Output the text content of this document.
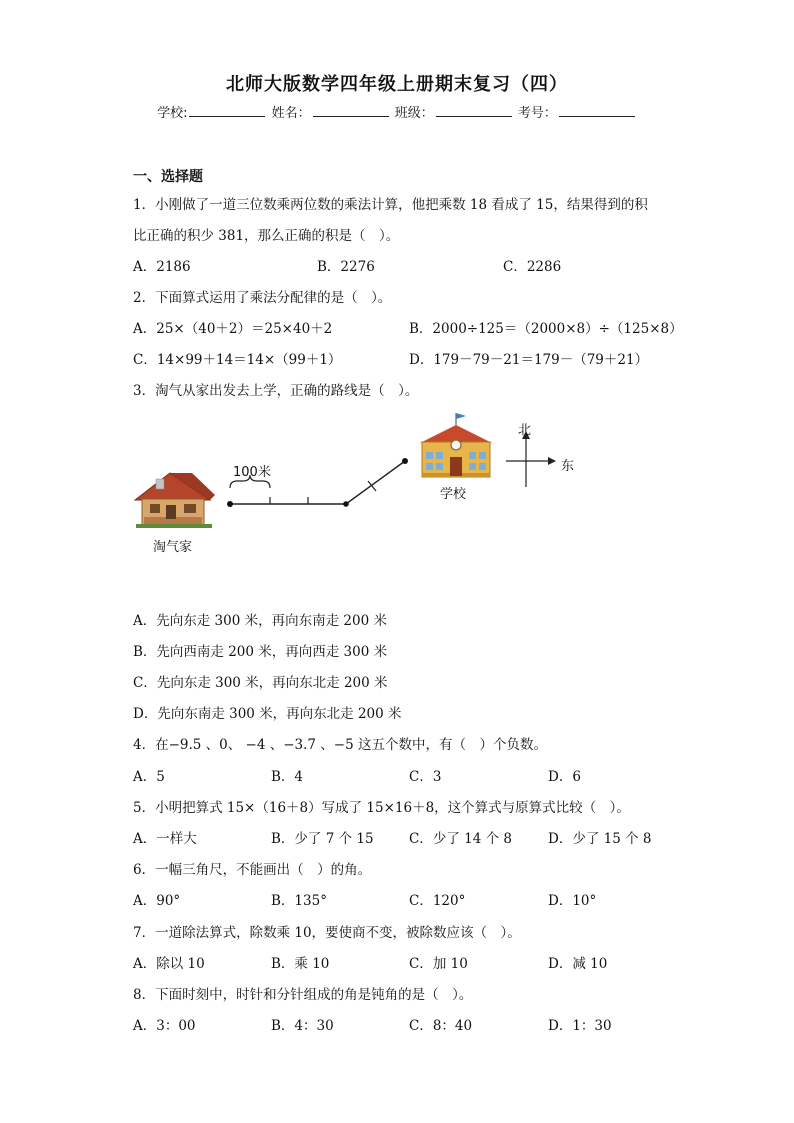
北师大版数学四年级上册期末复习（四）
学校:	姓名：	班级：	考号：
一、选择题
1．小刚做了一道三位数乘两位数的乘法计算，他把乘数 18 看成了 15，结果得到的积
比正确的积少 381，那么正确的积是（　）。
A．2186	B．2276	C．2286
2．下面算式运用了乘法分配律的是（　）。
A．25×（40＋2）＝25×40＋2	B．2000÷125＝（2000×8）÷（125×8）
C．14×99＋14＝14×（99＋1）	D．179－79－21＝179－（79＋21）
3．淘气从家出发去上学，正确的路线是（　）。
100米
淘气家
学校
北
东
A．先向东走 300 米，再向东南走 200 米
B．先向西南走 200 米，再向西走 300 米
C．先向东走 300 米，再向东北走 200 米
D．先向东南走 300 米，再向东北走 200 米
4．在−9.5 、0、 −4 、−3.7 、−5 这五个数中，有（　）个负数。
A．5	B．4	C．3	D．6
5．小明把算式 15×（16＋8）写成了 15×16＋8，这个算式与原算式比较（　）。
A．一样大	B．少了 7 个 15	C．少了 14 个 8	D．少了 15 个 8
6．一幅三角尺，不能画出（　）的角。
A．90°	B．135°	C．120°	D．10°
7．一道除法算式，除数乘 10，要使商不变，被除数应该（　）。
A．除以 10	B．乘 10	C．加 10	D．减 10
8．下面时刻中，时针和分针组成的角是钝角的是（　）。
A．3：00	B．4：30	C．8：40	D．1：30
